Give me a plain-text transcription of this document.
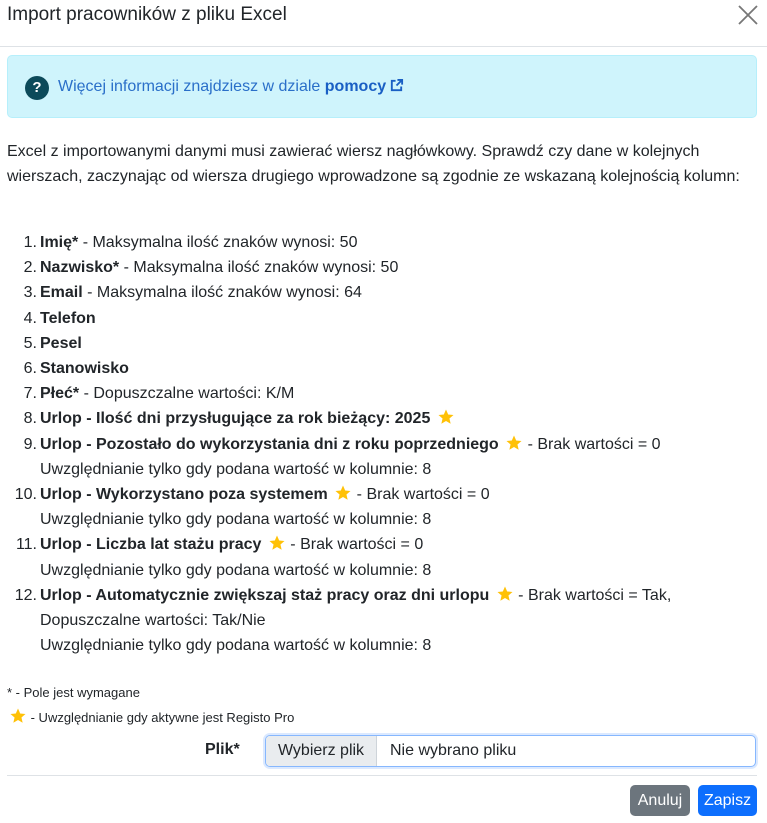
Import pracowników z pliku Excel
?	Więcej informacji znajdziesz w dziale pomocy
Excel z importowanymi danymi musi zawierać wiersz nagłówkowy. Sprawdź czy dane w kolejnych wierszach, zaczynając od wiersza drugiego wprowadzone są zgodnie ze wskazaną kolejnością kolumn:
1. Imię* - Maksymalna ilość znaków wynosi: 50
2. Nazwisko* - Maksymalna ilość znaków wynosi: 50
3. Email - Maksymalna ilość znaków wynosi: 64
4. Telefon
5. Pesel
6. Stanowisko
7. Płeć* - Dopuszczalne wartości: K/M
8. Urlop - Ilość dni przysługujące za rok bieżący: 2025
9. Urlop - Pozostało do wykorzystania dni z roku poprzedniego  - Brak wartości = 0
Uwzględnianie tylko gdy podana wartość w kolumnie: 8
10. Urlop - Wykorzystano poza systemem  - Brak wartości = 0
Uwzględnianie tylko gdy podana wartość w kolumnie: 8
11. Urlop - Liczba lat stażu pracy  - Brak wartości = 0
Uwzględnianie tylko gdy podana wartość w kolumnie: 8
12. Urlop - Automatycznie zwiększaj staż pracy oraz dni urlopu  - Brak wartości = Tak,
Dopuszczalne wartości: Tak/Nie
Uwzględnianie tylko gdy podana wartość w kolumnie: 8
* - Pole jest wymagane
- Uwzględnianie gdy aktywne jest Registo Pro
Plik*	Wybierz plik	Nie wybrano pliku
Anuluj	Zapisz
